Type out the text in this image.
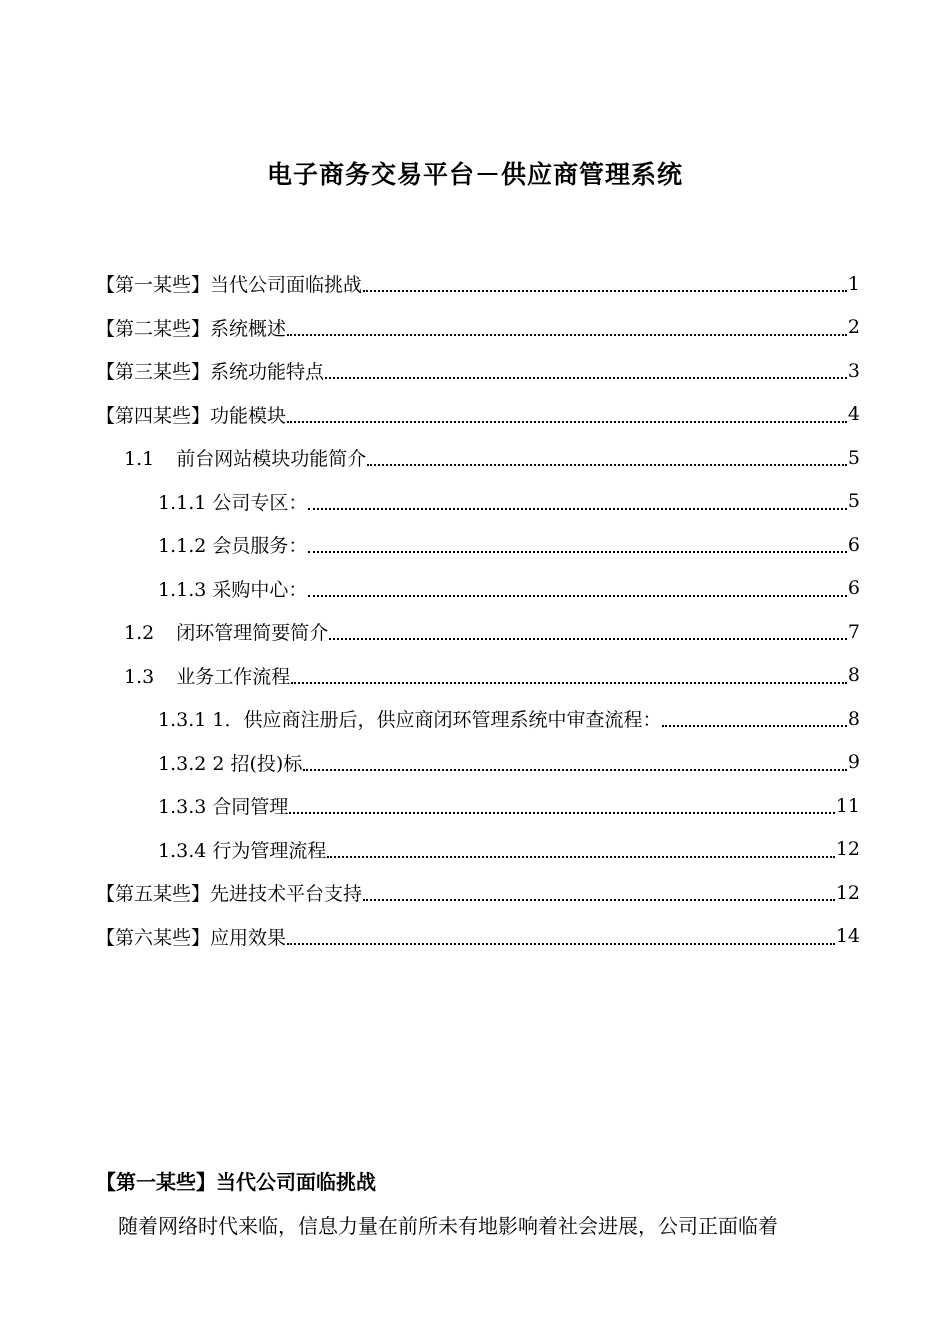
电子商务交易平台－供应商管理系统
【第一某些】当代公司面临挑战	1
【第二某些】系统概述	2
【第三某些】系统功能特点	3
【第四某些】功能模块	4
1.1 前台网站模块功能简介	5
1.1.1 公司专区：	5
1.1.2 会员服务：	6
1.1.3 采购中心：	6
1.2 闭环管理简要简介	7
1.3 业务工作流程	8
1.3.1 1．供应商注册后，供应商闭环管理系统中审查流程：	8
1.3.2 2 招(投)标	9
1.3.3 合同管理	11
1.3.4 行为管理流程	12
【第五某些】先进技术平台支持	12
【第六某些】应用效果	14
【第一某些】当代公司面临挑战
随着网络时代来临，信息力量在前所未有地影响着社会进展，公司正面临着
